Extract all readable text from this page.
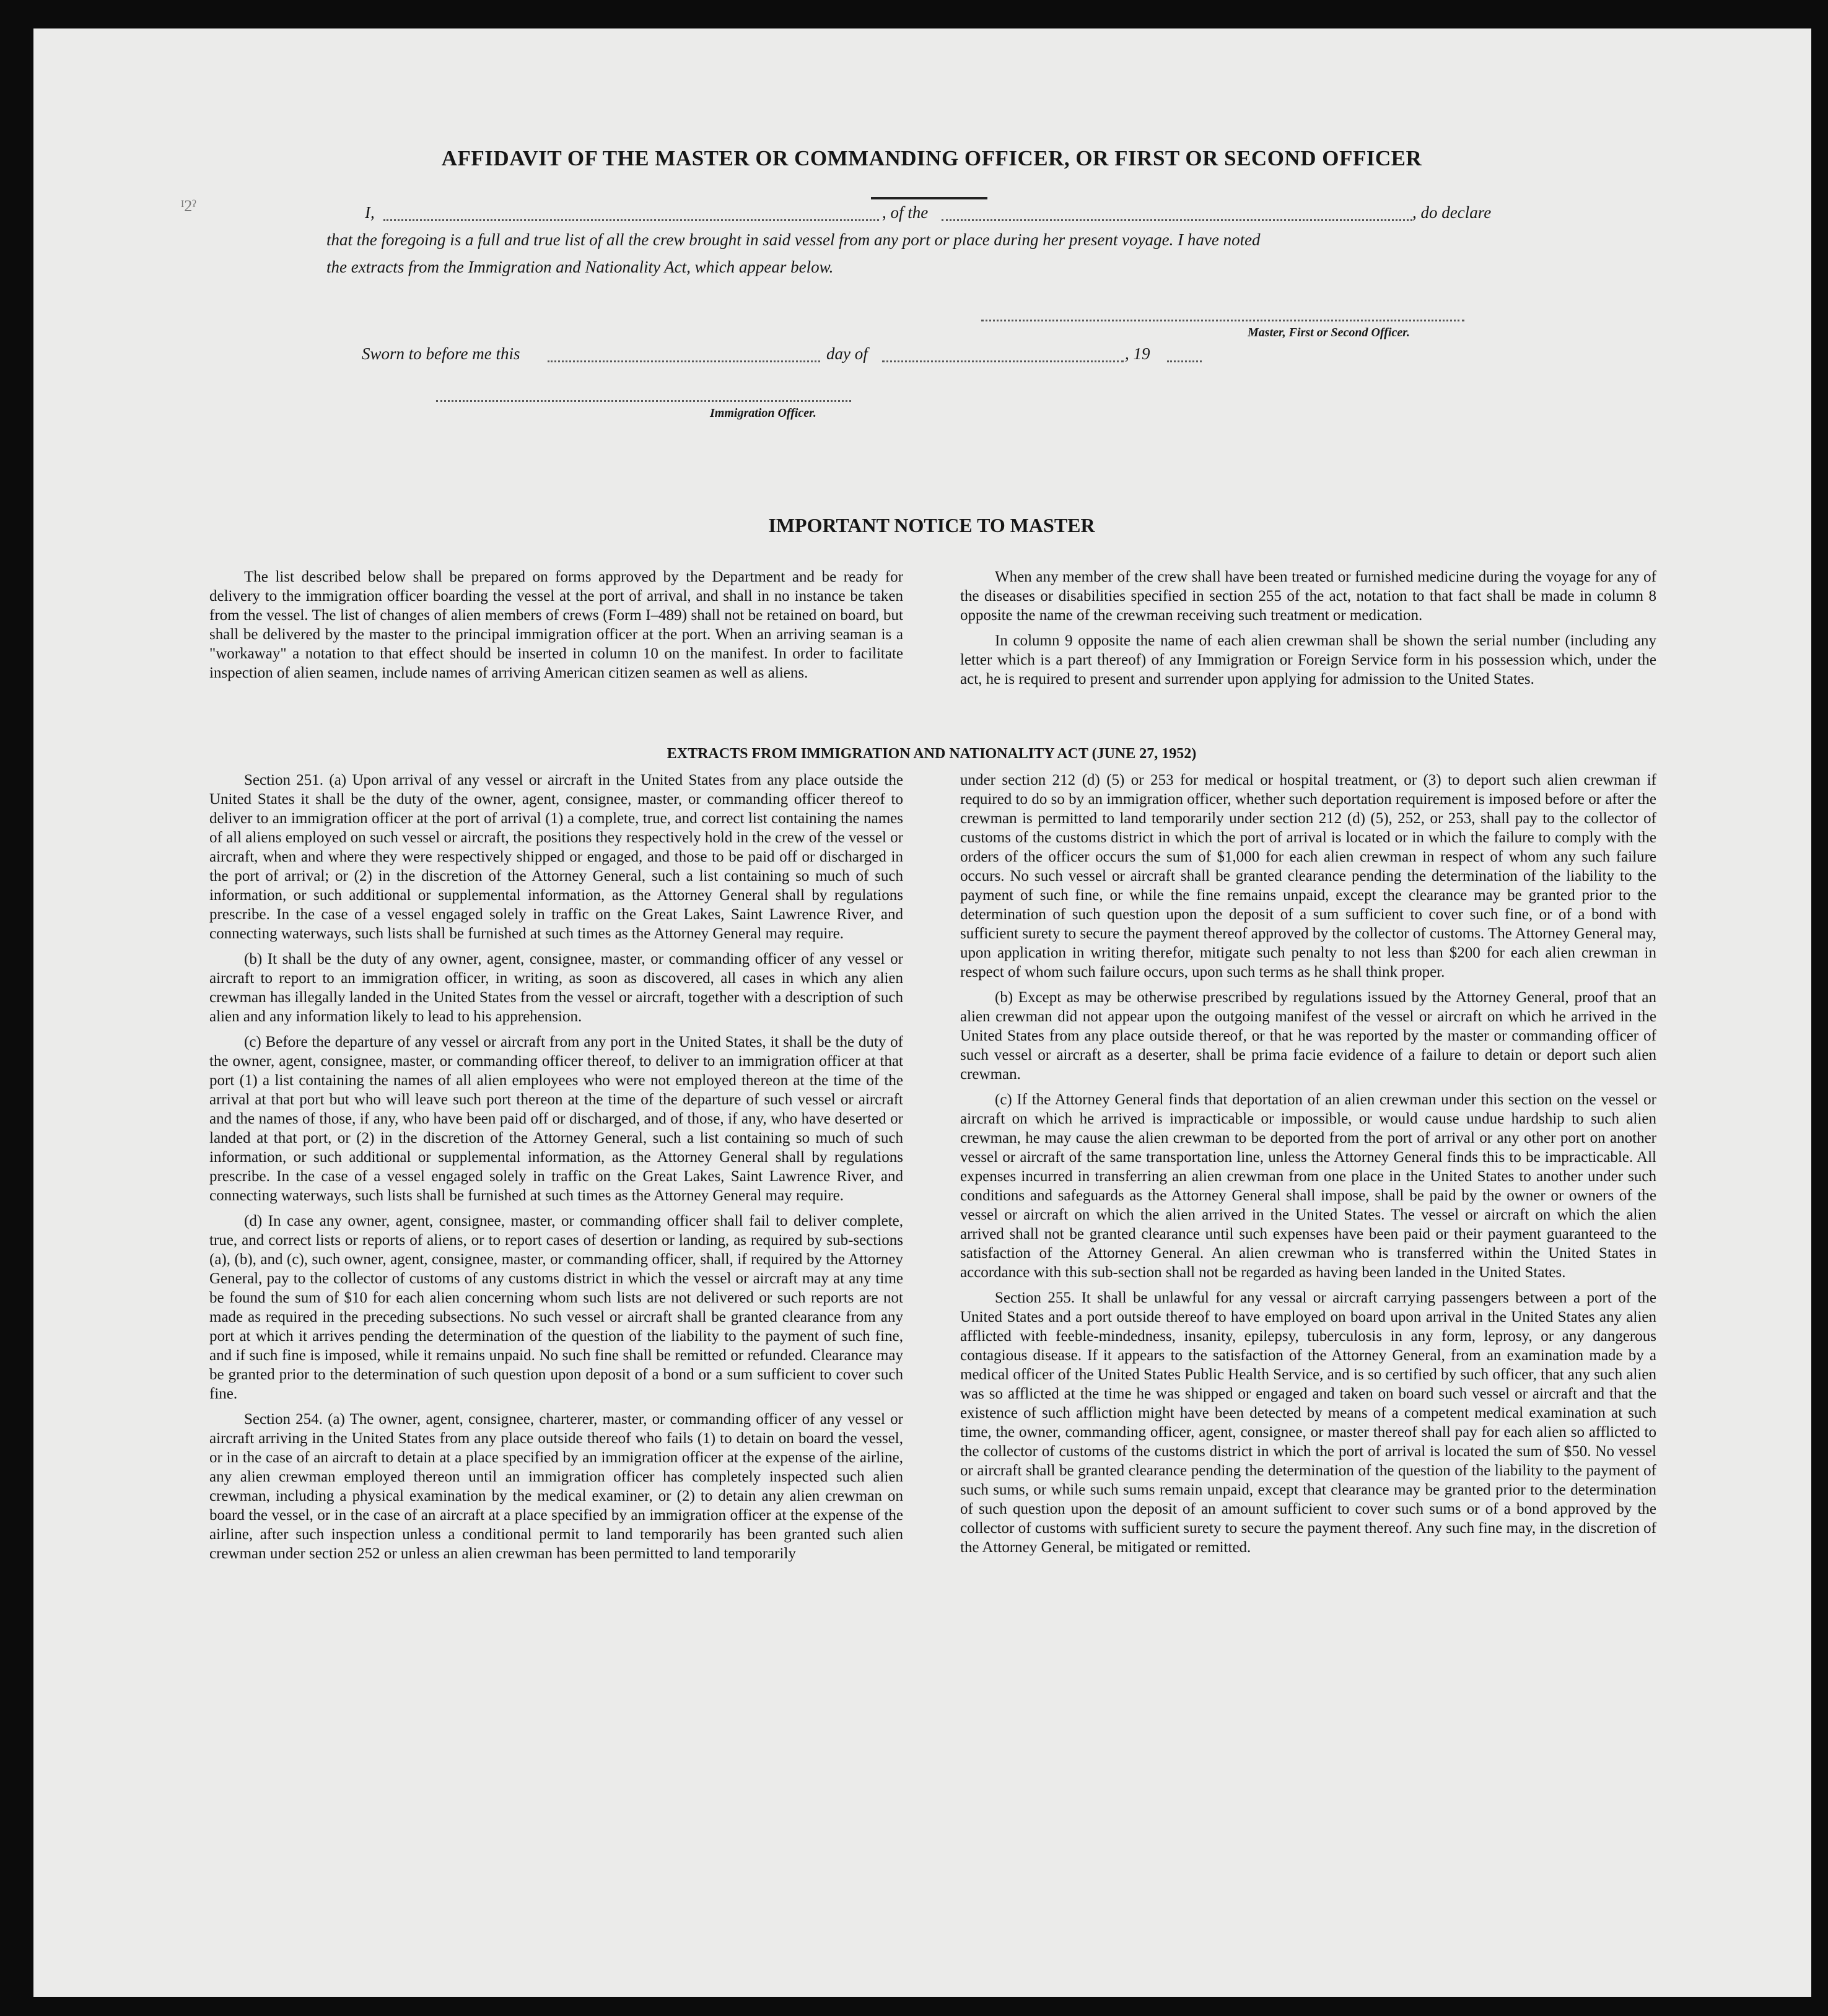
AFFIDAVIT OF THE MASTER OR COMMANDING OFFICER, OR FIRST OR SECOND OFFICER
ᴵ2ˀ	I,	, of the	, do declare
that the foregoing is a full and true list of all the crew brought in said vessel from any port or place during her present voyage. I have noted
the extracts from the Immigration and Nationality Act, which appear below.
Master, First or Second Officer.
Sworn to before me this	day of	, 19
Immigration Officer.
IMPORTANT NOTICE TO MASTER

The list described below shall be prepared on forms approved by the Department and be ready for delivery to the immigration officer boarding the vessel at the port of arrival, and shall in no instance be taken from the vessel. The list of changes of alien members of crews (Form I–489) shall not be retained on board, but shall be delivered by the master to the principal immigration officer at the port. When an arriving seaman is a "workaway" a notation to that effect should be inserted in column 10 on the manifest. In order to facilitate inspection of alien seamen, include names of arriving American citizen seamen as well as aliens.

When any member of the crew shall have been treated or furnished medicine during the voyage for any of the diseases or disabilities specified in section 255 of the act, notation to that fact shall be made in column 8 opposite the name of the crewman receiving such treatment or medication.

In column 9 opposite the name of each alien crewman shall be shown the serial number (including any letter which is a part thereof) of any Immigration or Foreign Service form in his possession which, under the act, he is required to present and surrender upon applying for admission to the United States.

EXTRACTS FROM IMMIGRATION AND NATIONALITY ACT (JUNE 27, 1952)

Section 251. (a) Upon arrival of any vessel or aircraft in the United States from any place outside the United States it shall be the duty of the owner, agent, consignee, master, or commanding officer thereof to deliver to an immigration officer at the port of arrival (1) a complete, true, and correct list containing the names of all aliens employed on such vessel or aircraft, the positions they respectively hold in the crew of the vessel or aircraft, when and where they were respectively shipped or engaged, and those to be paid off or discharged in the port of arrival; or (2) in the discretion of the Attorney General, such a list containing so much of such information, or such additional or supplemental information, as the Attorney General shall by regulations prescribe. In the case of a vessel engaged solely in traffic on the Great Lakes, Saint Lawrence River, and connecting waterways, such lists shall be furnished at such times as the Attorney General may require.

(b) It shall be the duty of any owner, agent, consignee, master, or commanding officer of any vessel or aircraft to report to an immigration officer, in writing, as soon as discovered, all cases in which any alien crewman has illegally landed in the United States from the vessel or aircraft, together with a description of such alien and any information likely to lead to his apprehension.

(c) Before the departure of any vessel or aircraft from any port in the United States, it shall be the duty of the owner, agent, consignee, master, or commanding officer thereof, to deliver to an immigration officer at that port (1) a list containing the names of all alien employees who were not employed thereon at the time of the arrival at that port but who will leave such port thereon at the time of the departure of such vessel or aircraft and the names of those, if any, who have been paid off or discharged, and of those, if any, who have deserted or landed at that port, or (2) in the discretion of the Attorney General, such a list containing so much of such information, or such additional or supplemental information, as the Attorney General shall by regulations prescribe. In the case of a vessel engaged solely in traffic on the Great Lakes, Saint Lawrence River, and connecting waterways, such lists shall be furnished at such times as the Attorney General may require.

(d) In case any owner, agent, consignee, master, or commanding officer shall fail to deliver complete, true, and correct lists or reports of aliens, or to report cases of desertion or landing, as required by sub-sections (a), (b), and (c), such owner, agent, consignee, master, or commanding officer, shall, if required by the Attorney General, pay to the collector of customs of any customs district in which the vessel or aircraft may at any time be found the sum of $10 for each alien concerning whom such lists are not delivered or such reports are not made as required in the preceding subsections. No such vessel or aircraft shall be granted clearance from any port at which it arrives pending the determination of the question of the liability to the payment of such fine, and if such fine is imposed, while it remains unpaid. No such fine shall be remitted or refunded. Clearance may be granted prior to the determination of such question upon deposit of a bond or a sum sufficient to cover such fine.

Section 254. (a) The owner, agent, consignee, charterer, master, or commanding officer of any vessel or aircraft arriving in the United States from any place outside thereof who fails (1) to detain on board the vessel, or in the case of an aircraft to detain at a place specified by an immigration officer at the expense of the airline, any alien crewman employed thereon until an immigration officer has completely inspected such alien crewman, including a physical examination by the medical examiner, or (2) to detain any alien crewman on board the vessel, or in the case of an aircraft at a place specified by an immigration officer at the expense of the airline, after such inspection unless a conditional permit to land temporarily has been granted such alien crewman under section 252 or unless an alien crewman has been permitted to land temporarily

under section 212 (d) (5) or 253 for medical or hospital treatment, or (3) to deport such alien crewman if required to do so by an immigration officer, whether such deportation requirement is imposed before or after the crewman is permitted to land temporarily under section 212 (d) (5), 252, or 253, shall pay to the collector of customs of the customs district in which the port of arrival is located or in which the failure to comply with the orders of the officer occurs the sum of $1,000 for each alien crewman in respect of whom any such failure occurs. No such vessel or aircraft shall be granted clearance pending the determination of the liability to the payment of such fine, or while the fine remains unpaid, except the clearance may be granted prior to the determination of such question upon the deposit of a sum sufficient to cover such fine, or of a bond with sufficient surety to secure the payment thereof approved by the collector of customs. The Attorney General may, upon application in writing therefor, mitigate such penalty to not less than $200 for each alien crewman in respect of whom such failure occurs, upon such terms as he shall think proper.

(b) Except as may be otherwise prescribed by regulations issued by the Attorney General, proof that an alien crewman did not appear upon the outgoing manifest of the vessel or aircraft on which he arrived in the United States from any place outside thereof, or that he was reported by the master or commanding officer of such vessel or aircraft as a deserter, shall be prima facie evidence of a failure to detain or deport such alien crewman.

(c) If the Attorney General finds that deportation of an alien crewman under this section on the vessel or aircraft on which he arrived is impracticable or impossible, or would cause undue hardship to such alien crewman, he may cause the alien crewman to be deported from the port of arrival or any other port on another vessel or aircraft of the same transportation line, unless the Attorney General finds this to be impracticable. All expenses incurred in transferring an alien crewman from one place in the United States to another under such conditions and safeguards as the Attorney General shall impose, shall be paid by the owner or owners of the vessel or aircraft on which the alien arrived in the United States. The vessel or aircraft on which the alien arrived shall not be granted clearance until such expenses have been paid or their payment guaranteed to the satisfaction of the Attorney General. An alien crewman who is transferred within the United States in accordance with this sub-section shall not be regarded as having been landed in the United States.

Section 255. It shall be unlawful for any vessal or aircraft carrying passengers between a port of the United States and a port outside thereof to have employed on board upon arrival in the United States any alien afflicted with feeble-mindedness, insanity, epilepsy, tuberculosis in any form, leprosy, or any dangerous contagious disease. If it appears to the satisfaction of the Attorney General, from an examination made by a medical officer of the United States Public Health Service, and is so certified by such officer, that any such alien was so afflicted at the time he was shipped or engaged and taken on board such vessel or aircraft and that the existence of such affliction might have been detected by means of a competent medical examination at such time, the owner, commanding officer, agent, consignee, or master thereof shall pay for each alien so afflicted to the collector of customs of the customs district in which the port of arrival is located the sum of $50. No vessel or aircraft shall be granted clearance pending the determination of the question of the liability to the payment of such sums, or while such sums remain unpaid, except that clearance may be granted prior to the determination of such question upon the deposit of an amount sufficient to cover such sums or of a bond approved by the collector of customs with sufficient surety to secure the payment thereof. Any such fine may, in the discretion of the Attorney General, be mitigated or remitted.
